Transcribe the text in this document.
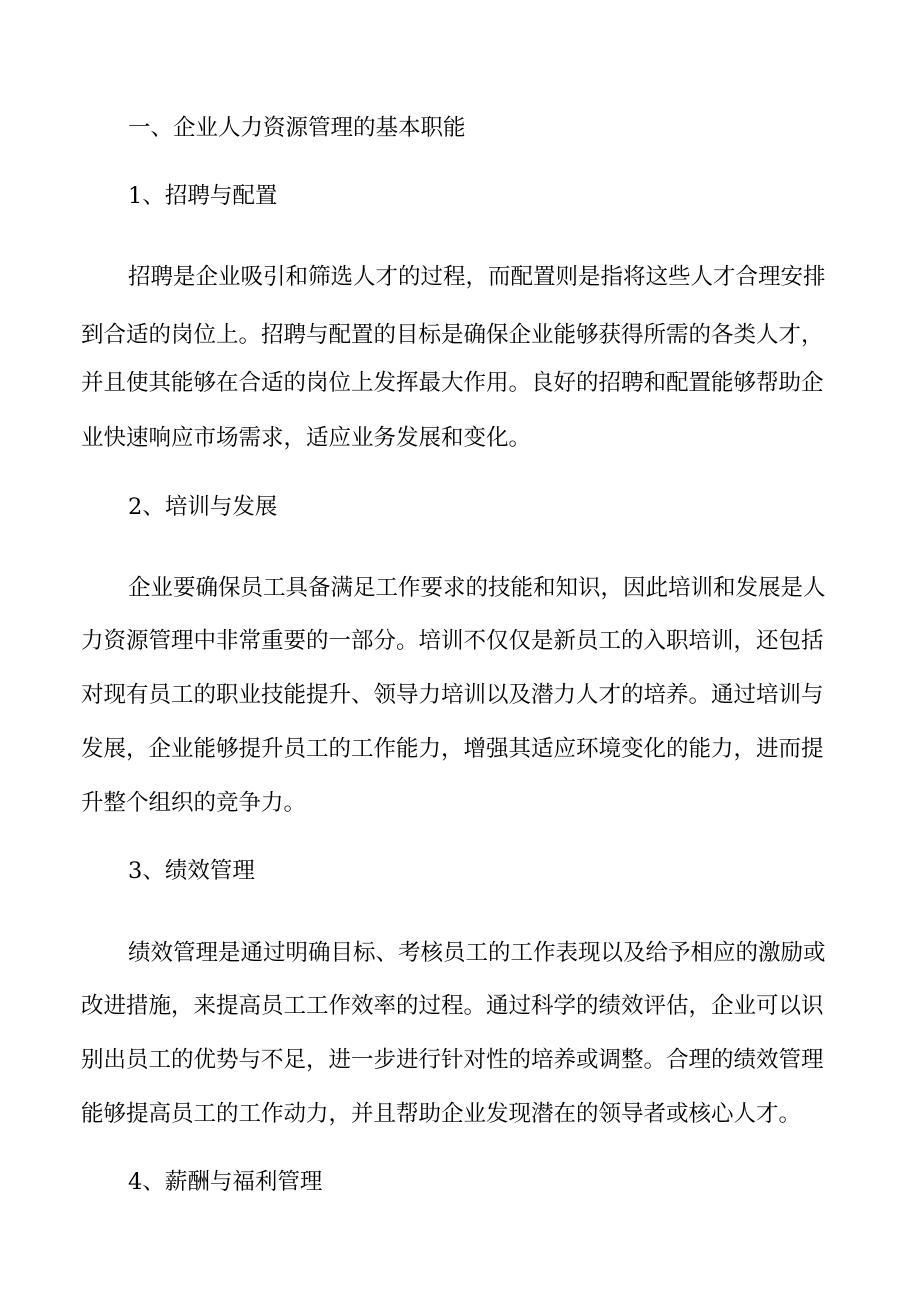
一、企业人力资源管理的基本职能
1、招聘与配置
招聘是企业吸引和筛选人才的过程，而配置则是指将这些人才合理安排
到合适的岗位上。招聘与配置的目标是确保企业能够获得所需的各类人才，
并且使其能够在合适的岗位上发挥最大作用。良好的招聘和配置能够帮助企
业快速响应市场需求，适应业务发展和变化。
2、培训与发展
企业要确保员工具备满足工作要求的技能和知识，因此培训和发展是人
力资源管理中非常重要的一部分。培训不仅仅是新员工的入职培训，还包括
对现有员工的职业技能提升、领导力培训以及潜力人才的培养。通过培训与
发展，企业能够提升员工的工作能力，增强其适应环境变化的能力，进而提
升整个组织的竞争力。
3、绩效管理
绩效管理是通过明确目标、考核员工的工作表现以及给予相应的激励或
改进措施，来提高员工工作效率的过程。通过科学的绩效评估，企业可以识
别出员工的优势与不足，进一步进行针对性的培养或调整。合理的绩效管理
能够提高员工的工作动力，并且帮助企业发现潜在的领导者或核心人才。
4、薪酬与福利管理
